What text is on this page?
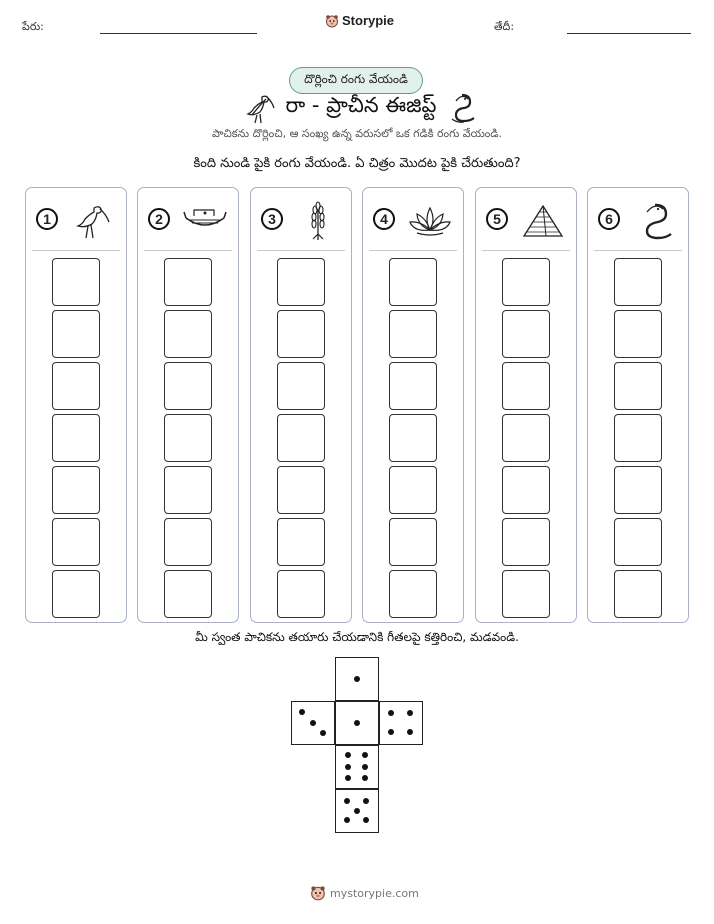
పేరు:	Storypie	తేదీ:
దొర్లించి రంగు వేయండి
రా - ప్రాచీన ఈజిప్ట్
పాచికను దొర్లించి, ఆ సంఖ్య ఉన్న వరుసలో ఒక గడికి రంగు వేయండి.
కింది నుండి పైకి రంగు వేయండి. ఏ చిత్రం మొదట పైకి చేరుతుంది?
1	2	3	4	5	6
మీ స్వంత పాచికను తయారు చేయడానికి గీతలపై కత్తిరించి, మడవండి.
mystorypie.com
